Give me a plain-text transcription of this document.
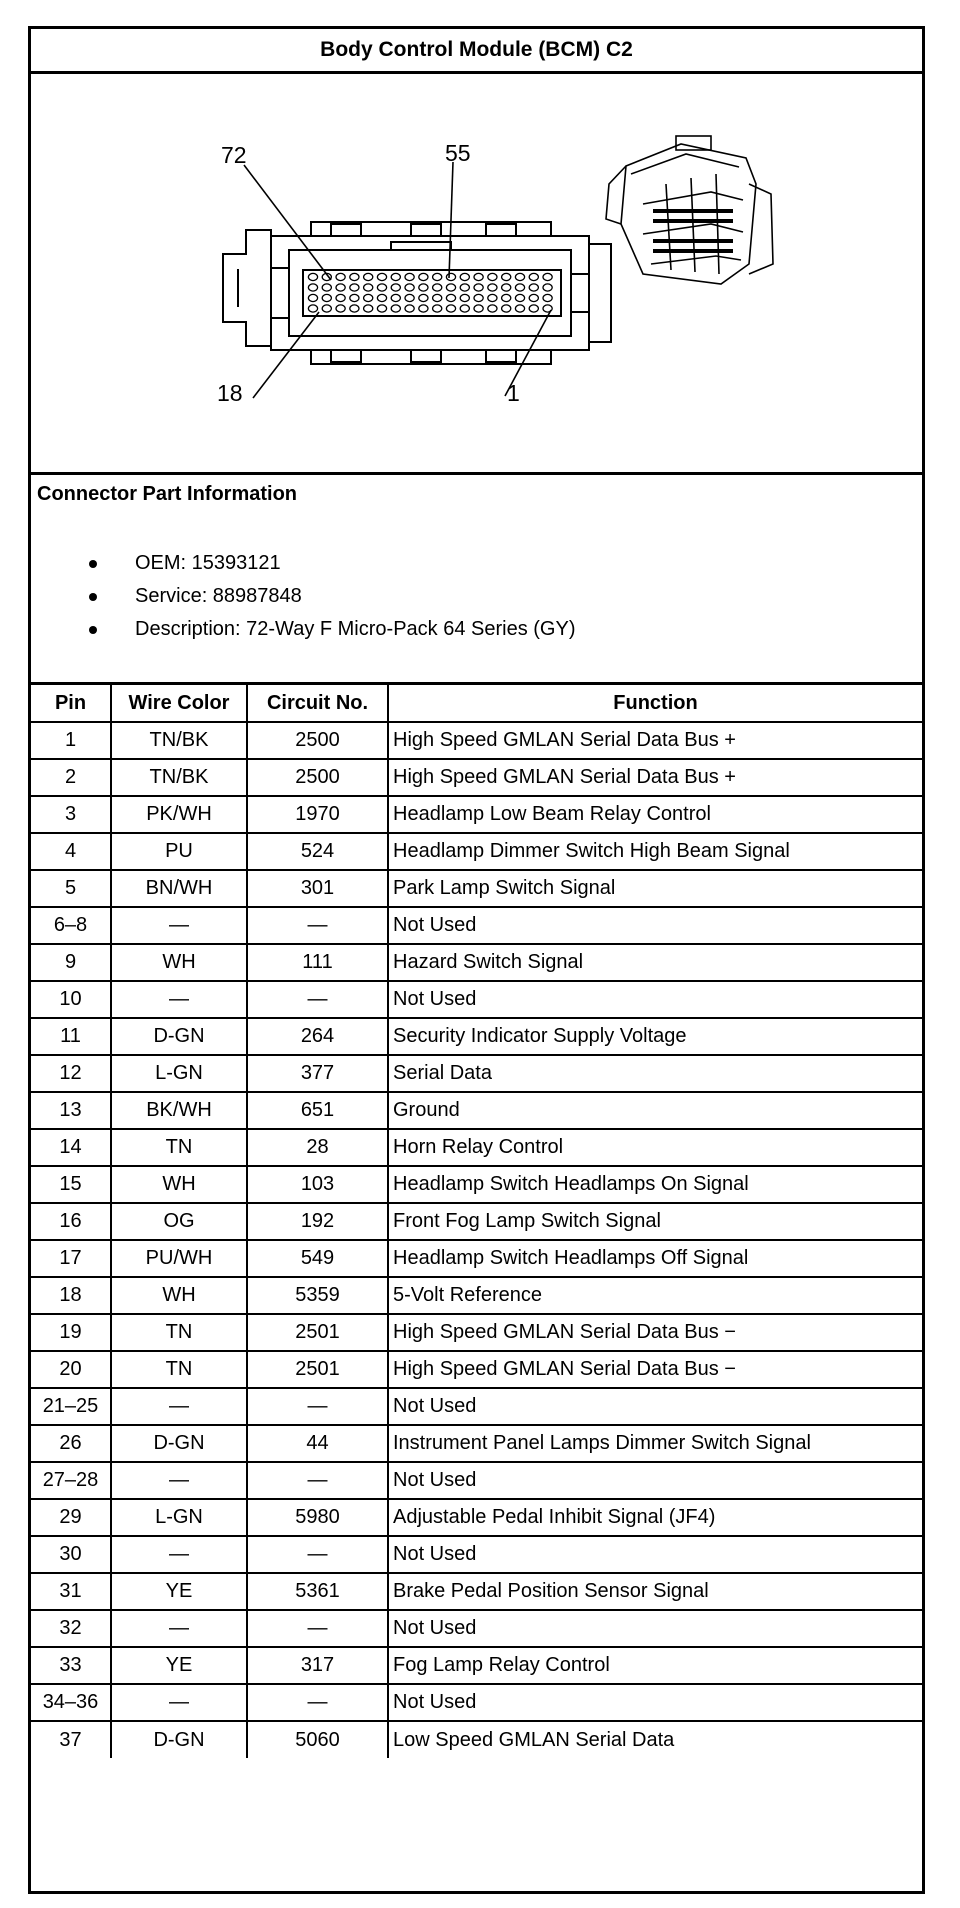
Body Control Module (BCM) C2
72	55
18	1
Connector Part Information
OEM: 15393121
Service: 88987848
Description: 72-Way F Micro-Pack 64 Series (GY)
Pin	Wire Color	Circuit No.	Function
1	TN/BK	2500	High Speed GMLAN Serial Data Bus +
2	TN/BK	2500	High Speed GMLAN Serial Data Bus +
3	PK/WH	1970	Headlamp Low Beam Relay Control
4	PU	524	Headlamp Dimmer Switch High Beam Signal
5	BN/WH	301	Park Lamp Switch Signal
6–8	—	—	Not Used
9	WH	111	Hazard Switch Signal
10	—	—	Not Used
11	D-GN	264	Security Indicator Supply Voltage
12	L-GN	377	Serial Data
13	BK/WH	651	Ground
14	TN	28	Horn Relay Control
15	WH	103	Headlamp Switch Headlamps On Signal
16	OG	192	Front Fog Lamp Switch Signal
17	PU/WH	549	Headlamp Switch Headlamps Off Signal
18	WH	5359	5-Volt Reference
19	TN	2501	High Speed GMLAN Serial Data Bus −
20	TN	2501	High Speed GMLAN Serial Data Bus −
21–25	—	—	Not Used
26	D-GN	44	Instrument Panel Lamps Dimmer Switch Signal
27–28	—	—	Not Used
29	L-GN	5980	Adjustable Pedal Inhibit Signal (JF4)
30	—	—	Not Used
31	YE	5361	Brake Pedal Position Sensor Signal
32	—	—	Not Used
33	YE	317	Fog Lamp Relay Control
34–36	—	—	Not Used
37	D-GN	5060	Low Speed GMLAN Serial Data
